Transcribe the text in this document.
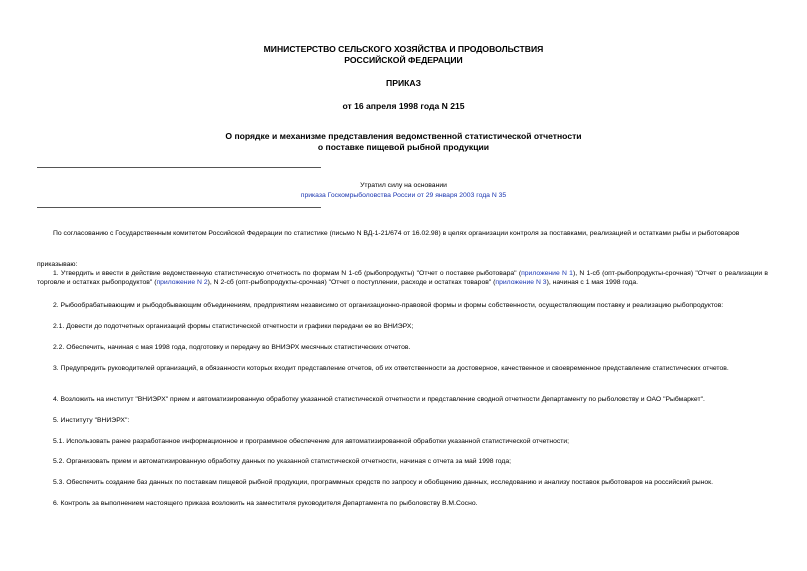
МИНИСТЕРСТВО СЕЛЬСКОГО ХОЗЯЙСТВА И ПРОДОВОЛЬСТВИЯ
РОССИЙСКОЙ ФЕДЕРАЦИИ
ПРИКАЗ
от 16 апреля 1998 года N 215
О порядке и механизме представления ведомственной статистической отчетности
о поставке пищевой рыбной продукции
Утратил силу на основании
приказа Госкомрыболовства России от 29 января 2003 года N 35
По согласованию с Государственным комитетом Российской Федерации по статистике (письмо N ВД-1-21/674 от 16.02.98) в целях организации контроля за поставками, реализацией и остатками рыбы и рыботоваров
приказываю:
1. Утвердить и ввести в действие ведомственную статистическую отчетность по формам N 1-сб (рыбопродукты) "Отчет о поставке рыботовара" (приложение N 1), N 1-сб (опт-рыбопродукты-срочная) "Отчет о реализации в торговле и остатках рыбопродуктов" (приложение N 2), N 2-сб (опт-рыбопродукты-срочная) "Отчет о поступлении, расходе и остатках товаров" (приложение N 3), начиная с 1 мая 1998 года.
2. Рыбообрабатывающим и рыбодобывающим объединениям, предприятиям независимо от организационно-правовой формы и формы собственности, осуществляющим поставку и реализацию рыбопродуктов:
2.1. Довести до подотчетных организаций формы статистической отчетности и графики передачи ее во ВНИЭРХ;
2.2. Обеспечить, начиная с мая 1998 года, подготовку и передачу во ВНИЭРХ месячных статистических отчетов.
3. Предупредить руководителей организаций, в обязанности которых входит представление отчетов, об их ответственности за достоверное, качественное и своевременное представление статистических отчетов.
4. Возложить на институт "ВНИЭРХ" прием и автоматизированную обработку указанной статистической отчетности и представление сводной отчетности Департаменту по рыболовству и ОАО "Рыбмаркет".
5. Институту "ВНИЭРХ":
5.1. Использовать ранее разработанное информационное и программное обеспечение для автоматизированной обработки указанной статистической отчетности;
5.2. Организовать прием и автоматизированную обработку данных по указанной статистической отчетности, начиная с отчета за май 1998 года;
5.3. Обеспечить создание баз данных по поставкам пищевой рыбной продукции, программных средств по запросу и обобщению данных, исследованию и анализу поставок рыботоваров на российский рынок.
6. Контроль за выполнением настоящего приказа возложить на заместителя руководителя Департамента по рыболовству В.М.Сосно.
